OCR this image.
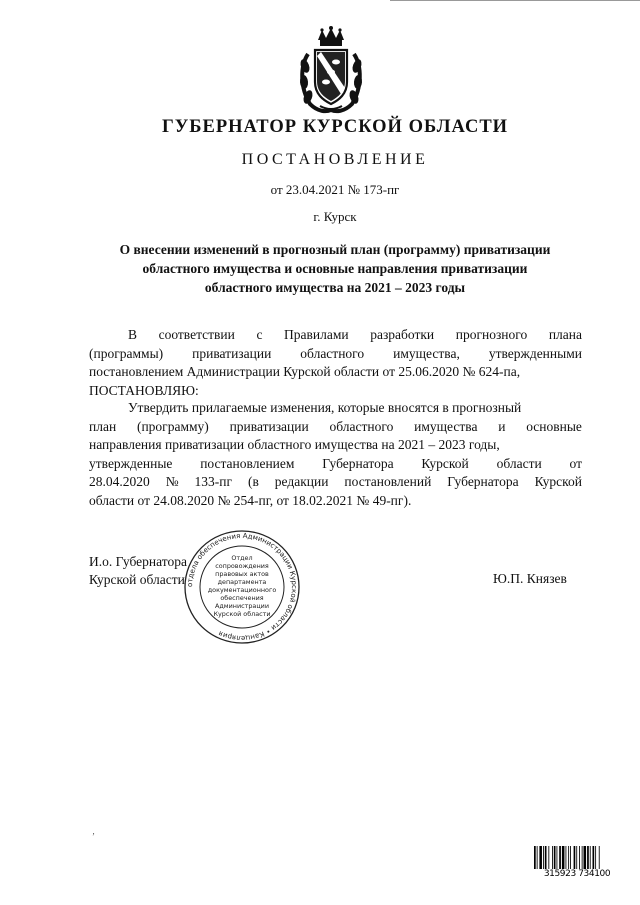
ГУБЕРНАТОР КУРСКОЙ ОБЛАСТИ
ПОСТАНОВЛЕНИЕ
от 23.04.2021 № 173-пг
г. Курск
О внесении изменений в прогнозный план (программу) приватизации
областного имущества и основные направления приватизации
областного имущества на 2021 – 2023 годы
В соответствии с Правилами разработки прогнозного плана
(программы) приватизации областного имущества, утвержденными
постановлением Администрации Курской области от 25.06.2020 № 624-па,
ПОСТАНОВЛЯЮ:
Утвердить прилагаемые изменения, которые вносятся в прогнозный
план (программу) приватизации областного имущества и основные
направления приватизации областного имущества на 2021 – 2023 годы,
утвержденные постановлением Губернатора Курской области от
28.04.2020 № 133-пг (в редакции постановлений Губернатора Курской
области от 24.08.2020 № 254-пг, от 18.02.2021 № 49-пг).
отдела обеспечения Администрации Курской области • Канцелярия
Отдел
сопровождения
правовых актов
департамента
документационного
обеспечения
Администрации
Курской области
И.о. Губернатора
Курской области	Ю.П. Князев
‚
315923 734100
